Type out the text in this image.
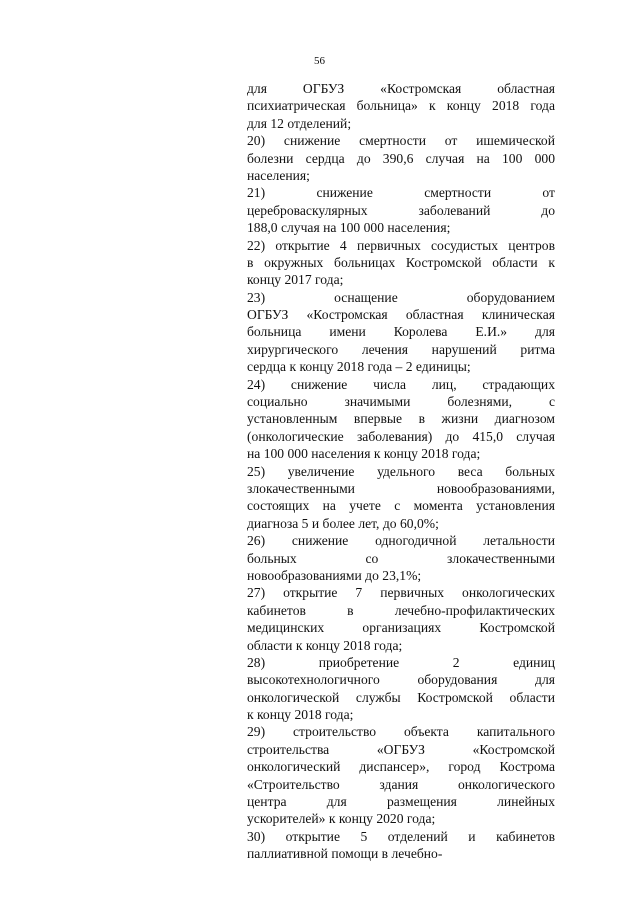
56
для ОГБУЗ «Костромская областная
психиатрическая больница» к концу 2018 года
для 12 отделений;
20) снижение смертности от ишемической
болезни сердца до 390,6 случая на 100 000
населения;
21) снижение смертности от
цереброваскулярных заболеваний до
188,0 случая на 100 000 населения;
22) открытие 4 первичных сосудистых центров
в окружных больницах Костромской области к
концу 2017 года;
23) оснащение оборудованием
ОГБУЗ «Костромская областная клиническая
больница имени Королева Е.И.» для
хирургического лечения нарушений ритма
сердца к концу 2018 года – 2 единицы;
24) снижение числа лиц, страдающих
социально значимыми болезнями, с
установленным впервые в жизни диагнозом
(онкологические заболевания) до 415,0 случая
на 100 000 населения к концу 2018 года;
25) увеличение удельного веса больных
злокачественными новообразованиями,
состоящих на учете с момента установления
диагноза 5 и более лет, до 60,0%;
26) снижение одногодичной летальности
больных со злокачественными
новообразованиями до 23,1%;
27) открытие 7 первичных онкологических
кабинетов в лечебно-профилактических
медицинских организациях Костромской
области к концу 2018 года;
28) приобретение 2 единиц
высокотехнологичного оборудования для
онкологической службы Костромской области
к концу 2018 года;
29) строительство объекта капитального
строительства «ОГБУЗ «Костромской
онкологический диспансер», город Кострома
«Строительство здания онкологического
центра для размещения линейных
ускорителей» к концу 2020 года;
30) открытие 5 отделений и кабинетов
паллиативной помощи в лечебно-
